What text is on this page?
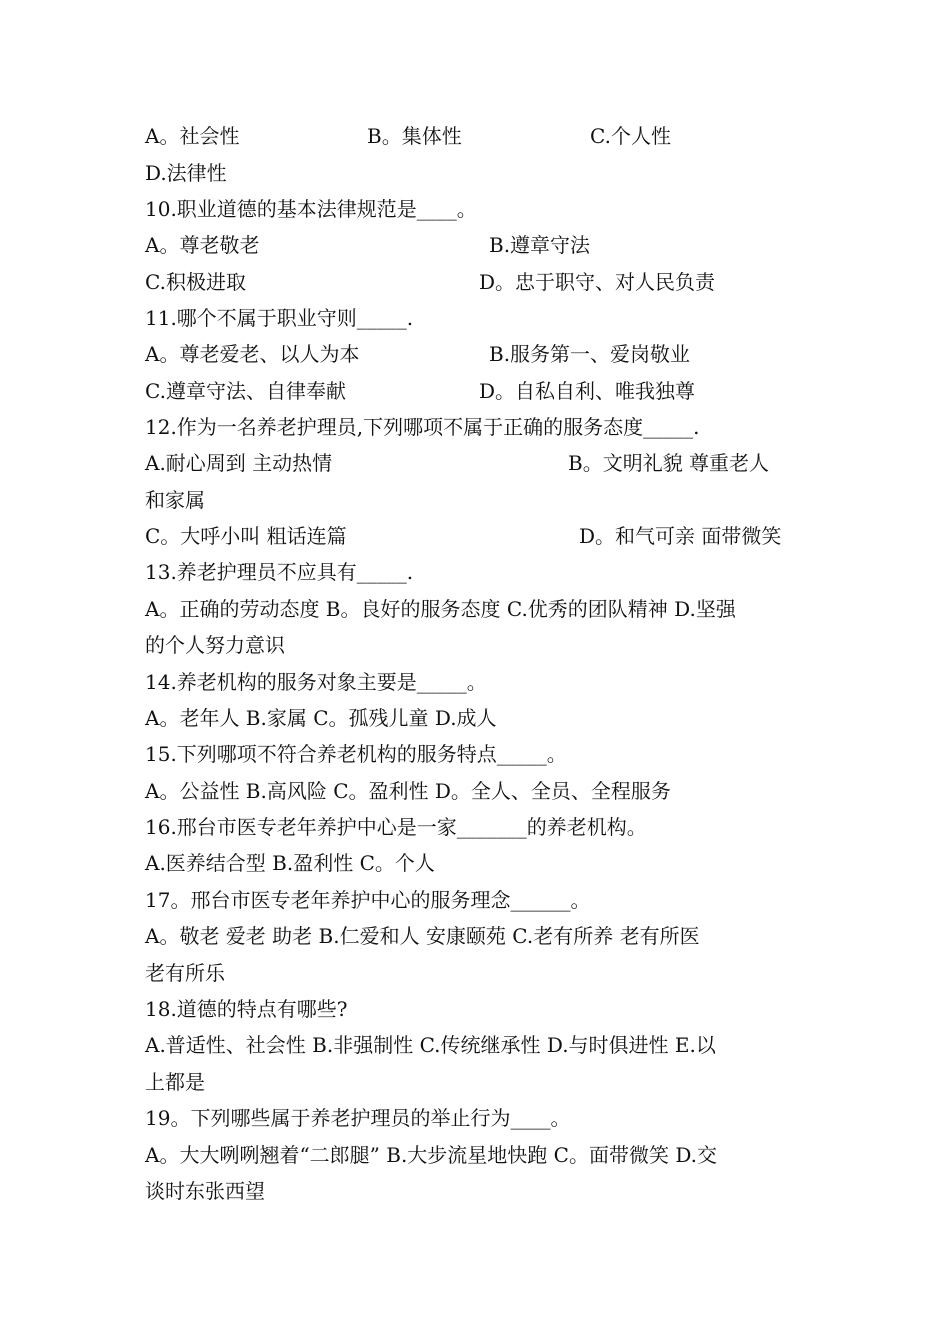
A。社会性	B。集体性	C.个人性
D.法律性
10.职业道德的基本法律规范是____。
A。尊老敬老	B.遵章守法
C.积极进取	D。忠于职守、对人民负责
11.哪个不属于职业守则_____.
A。尊老爱老、以人为本	B.服务第一、爱岗敬业
C.遵章守法、自律奉献	D。自私自利、唯我独尊
12.作为一名养老护理员,下列哪项不属于正确的服务态度_____.
A.耐心周到 主动热情	B。文明礼貌 尊重老人
和家属
C。大呼小叫 粗话连篇	D。和气可亲 面带微笑
13.养老护理员不应具有_____.
A。正确的劳动态度 B。良好的服务态度 C.优秀的团队精神 D.坚强
的个人努力意识
14.养老机构的服务对象主要是_____。
A。老年人 B.家属 C。孤残儿童 D.成人
15.下列哪项不符合养老机构的服务特点_____。
A。公益性 B.高风险 C。盈利性 D。全人、全员、全程服务
16.邢台市医专老年养护中心是一家_______的养老机构。
A.医养结合型 B.盈利性 C。个人
17。邢台市医专老年养护中心的服务理念______。
A。敬老 爱老 助老 B.仁爱和人 安康颐苑 C.老有所养 老有所医
老有所乐
18.道德的特点有哪些?
A.普适性、社会性 B.非强制性 C.传统继承性 D.与时俱进性 E.以
上都是
19。下列哪些属于养老护理员的举止行为____。
A。大大咧咧翘着“二郎腿” B.大步流星地快跑 C。面带微笑 D.交
谈时东张西望
